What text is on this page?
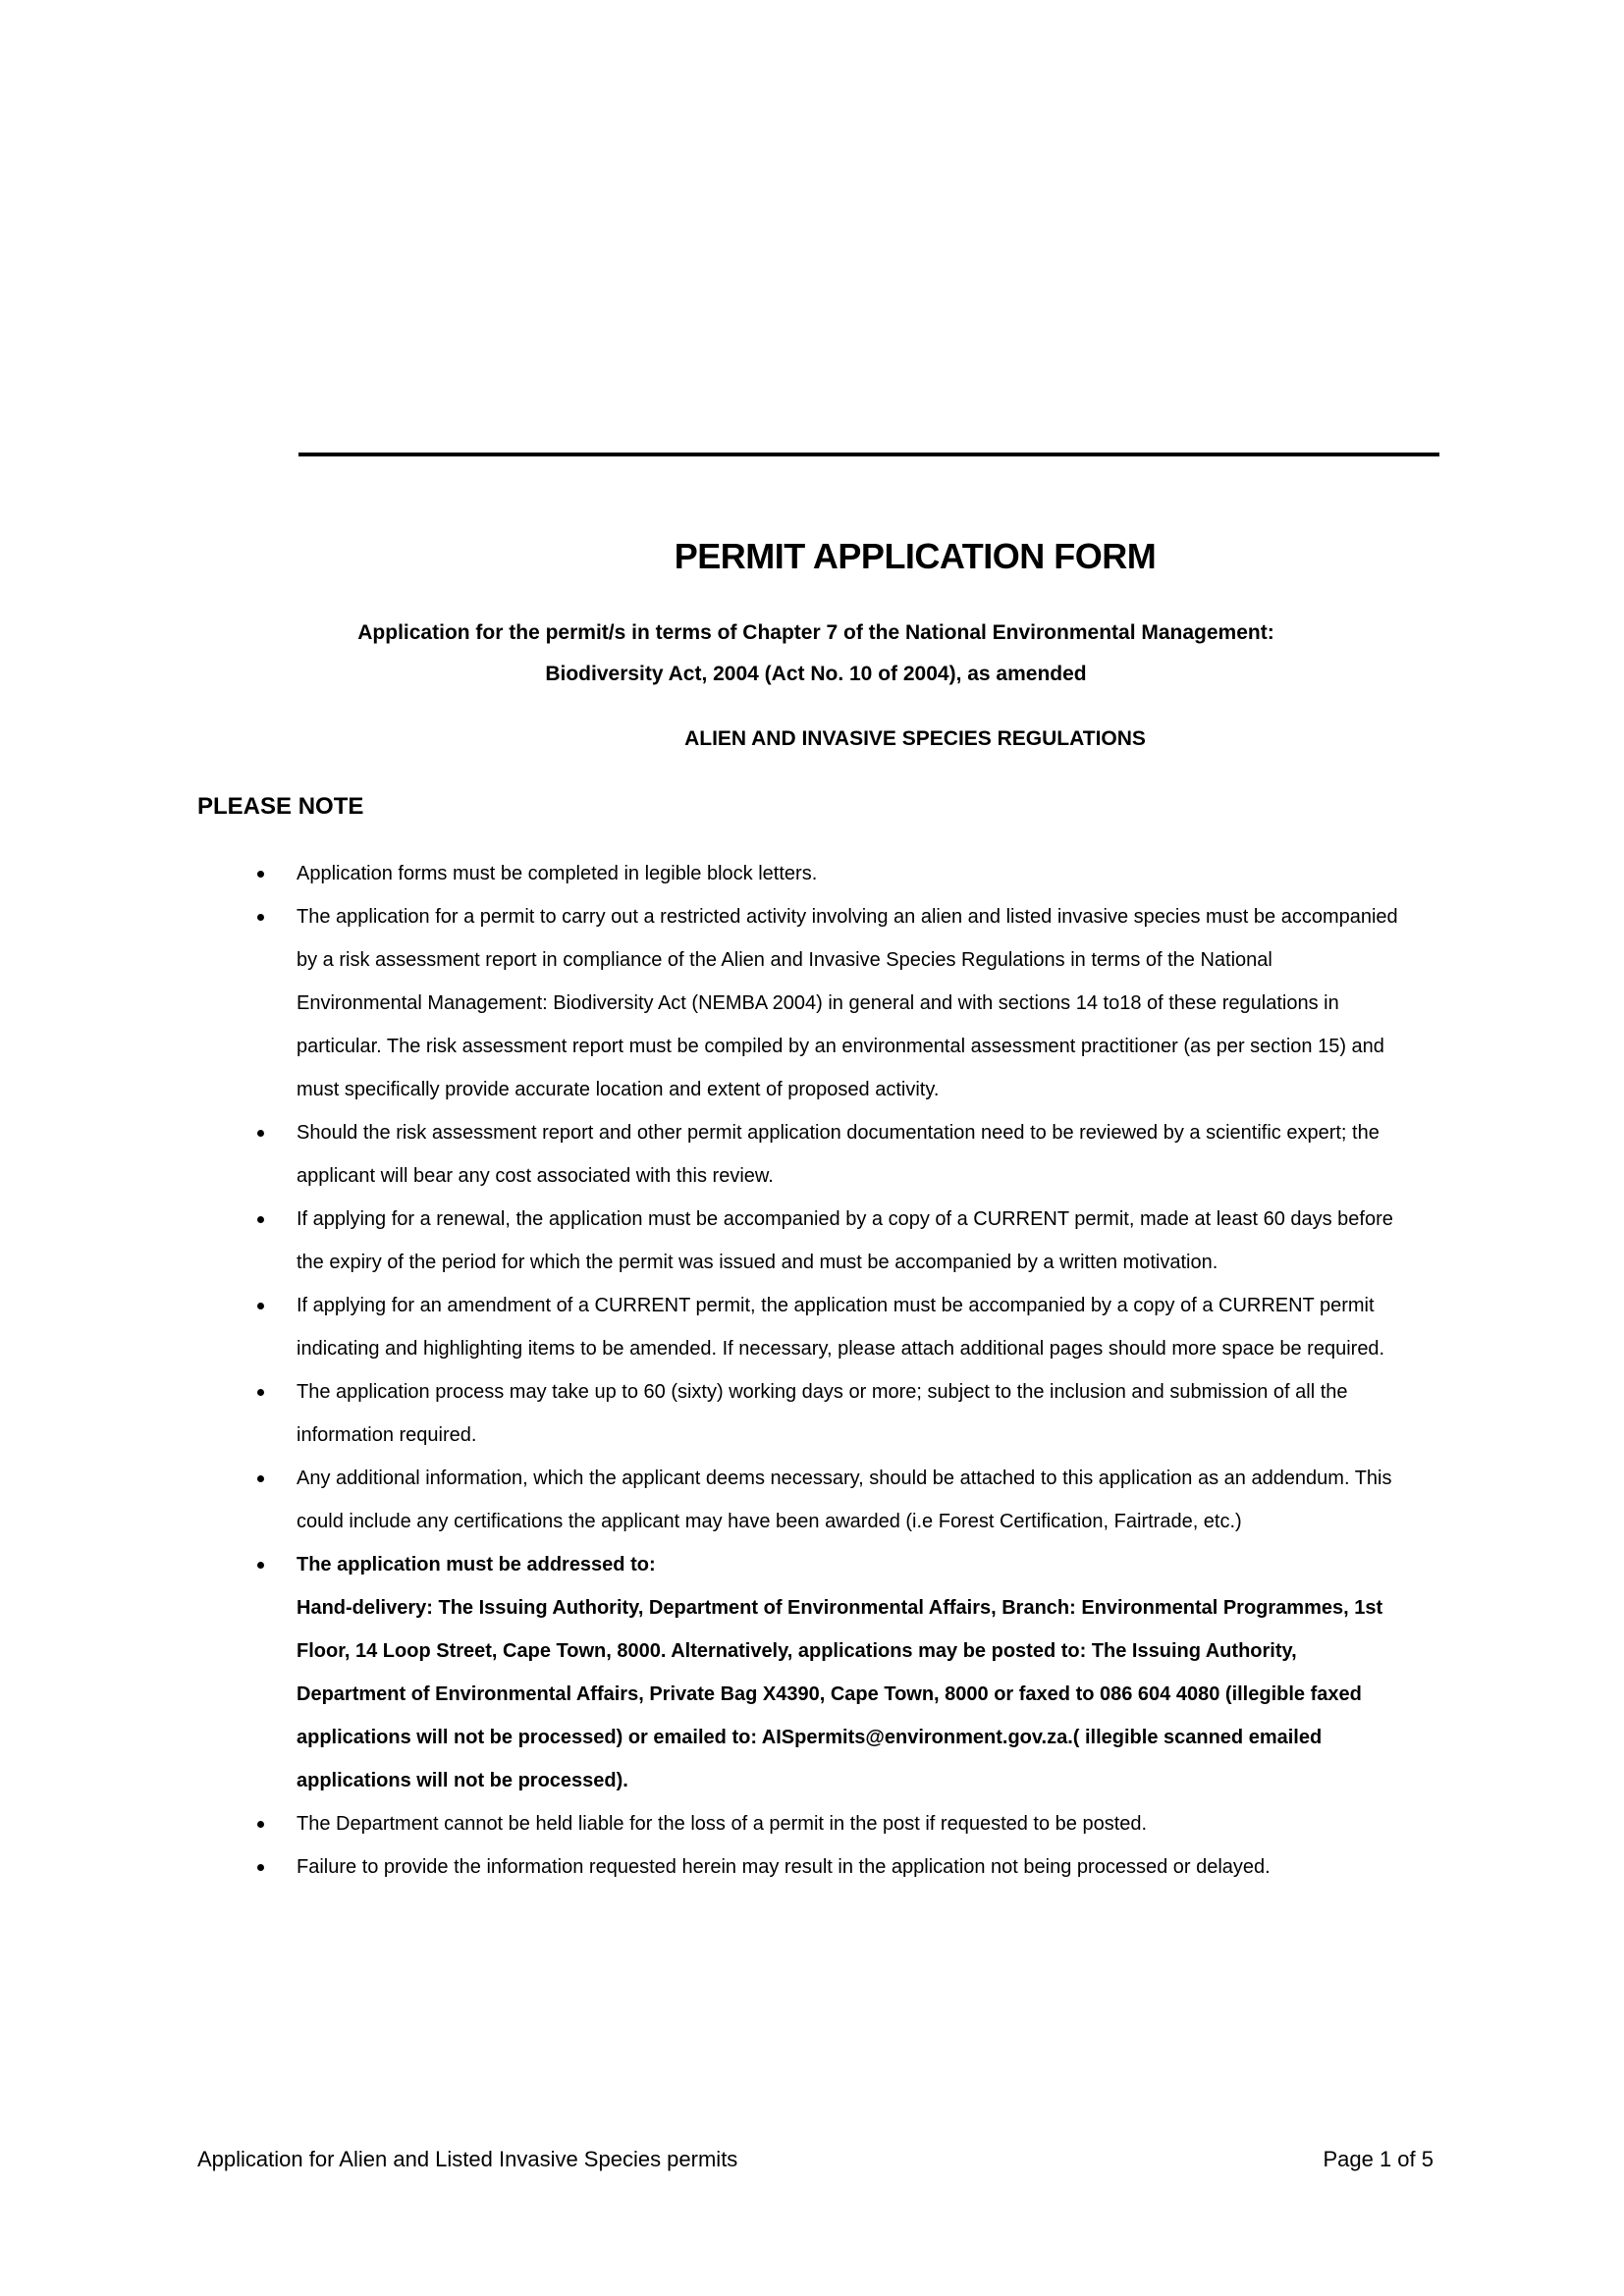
PERMIT APPLICATION FORM
Application for the permit/s in terms of Chapter 7 of the National Environmental Management:
Biodiversity Act, 2004 (Act No. 10 of 2004), as amended
ALIEN AND INVASIVE SPECIES REGULATIONS
PLEASE NOTE
Application forms must be completed in legible block letters.
The application for a permit to carry out a restricted activity involving an alien and listed invasive species must be accompanied
by a risk assessment report in compliance of the Alien and Invasive Species Regulations in terms of the National
Environmental Management: Biodiversity Act (NEMBA 2004) in general and with sections 14 to18 of these regulations in
particular. The risk assessment report must be compiled by an environmental assessment practitioner (as per section 15) and
must specifically provide accurate location and extent of proposed activity.
Should the risk assessment report and other permit application documentation need to be reviewed by a scientific expert; the
applicant will bear any cost associated with this review.
If applying for a renewal, the application must be accompanied by a copy of a CURRENT permit, made at least 60 days before
the expiry of the period for which the permit was issued and must be accompanied by a written motivation.
If applying for an amendment of a CURRENT permit, the application must be accompanied by a copy of a CURRENT permit
indicating and highlighting items to be amended. If necessary, please attach additional pages should more space be required.
The application process may take up to 60 (sixty) working days or more; subject to the inclusion and submission of all the
information required.
Any additional information, which the applicant deems necessary, should be attached to this application as an addendum. This
could include any certifications the applicant may have been awarded (i.e Forest Certification, Fairtrade, etc.)
The application must be addressed to:
Hand-delivery: The Issuing Authority, Department of Environmental Affairs, Branch: Environmental Programmes, 1st
Floor, 14 Loop Street, Cape Town, 8000. Alternatively, applications may be posted to: The Issuing Authority,
Department of Environmental Affairs, Private Bag X4390, Cape Town, 8000 or faxed to 086 604 4080 (illegible faxed
applications will not be processed) or emailed to: AISpermits@environment.gov.za.( illegible scanned emailed
applications will not be processed).
The Department cannot be held liable for the loss of a permit in the post if requested to be posted.
Failure to provide the information requested herein may result in the application not being processed or delayed.
Application for Alien and Listed Invasive Species permits	Page 1 of 5
